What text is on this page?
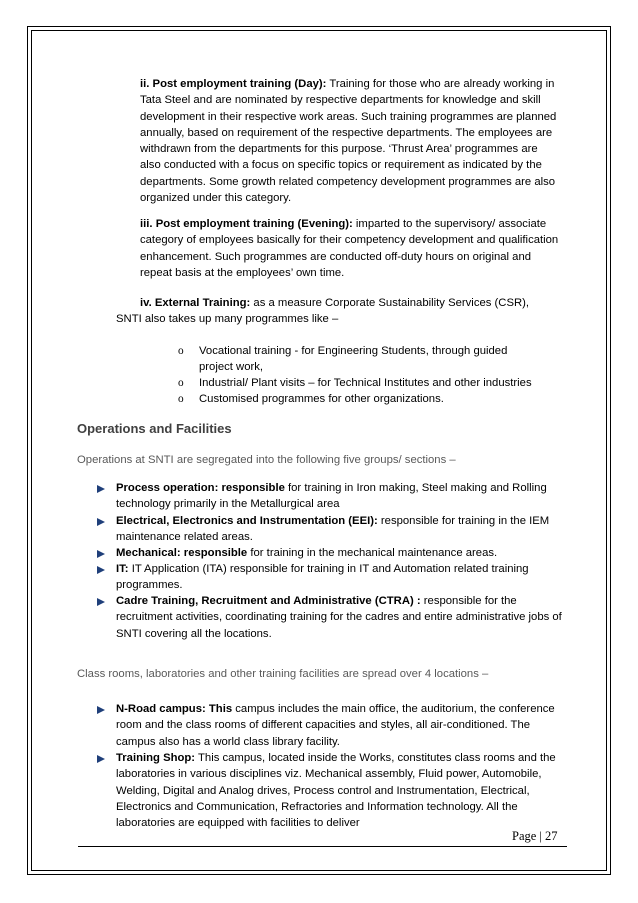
ii. Post employment training (Day): Training for those who are already working in Tata Steel and are nominated by respective departments for knowledge and skill development in their respective work areas. Such training programmes are planned annually, based on requirement of the respective departments. The employees are withdrawn from the departments for this purpose. ‘Thrust Area’ programmes are also conducted with a focus on specific topics or requirement as indicated by the departments. Some growth related competency development programmes are also organized under this category.
iii. Post employment training (Evening): imparted to the supervisory/ associate category of employees basically for their competency development and qualification enhancement. Such programmes are conducted off-duty hours on original and repeat basis at the employees’ own time.
iv. External Training: as a measure Corporate Sustainability Services (CSR),
SNTI also takes up many programmes like –
o Vocational training - for Engineering Students, through guided
project work,
o Industrial/ Plant visits – for Technical Institutes and other industries
o Customised programmes for other organizations.
Operations and Facilities
Operations at SNTI are segregated into the following five groups/ sections –
Process operation: responsible for training in Iron making, Steel making and Rolling technology primarily in the Metallurgical area
Electrical, Electronics and Instrumentation (EEI): responsible for training in the IEM maintenance related areas.
Mechanical: responsible for training in the mechanical maintenance areas.
IT: IT Application (ITA) responsible for training in IT and Automation related training programmes.
Cadre Training, Recruitment and Administrative (CTRA) : responsible for the recruitment activities, coordinating training for the cadres and entire administrative jobs of SNTI covering all the locations.
Class rooms, laboratories and other training facilities are spread over 4 locations –
N-Road campus: This campus includes the main office, the auditorium, the conference room and the class rooms of different capacities and styles, all air-conditioned. The campus also has a world class library facility.
Training Shop: This campus, located inside the Works, constitutes class rooms and the laboratories in various disciplines viz. Mechanical assembly, Fluid power, Automobile, Welding, Digital and Analog drives, Process control and Instrumentation, Electrical, Electronics and Communication, Refractories and Information technology. All the laboratories are equipped with facilities to deliver
Page | 27
